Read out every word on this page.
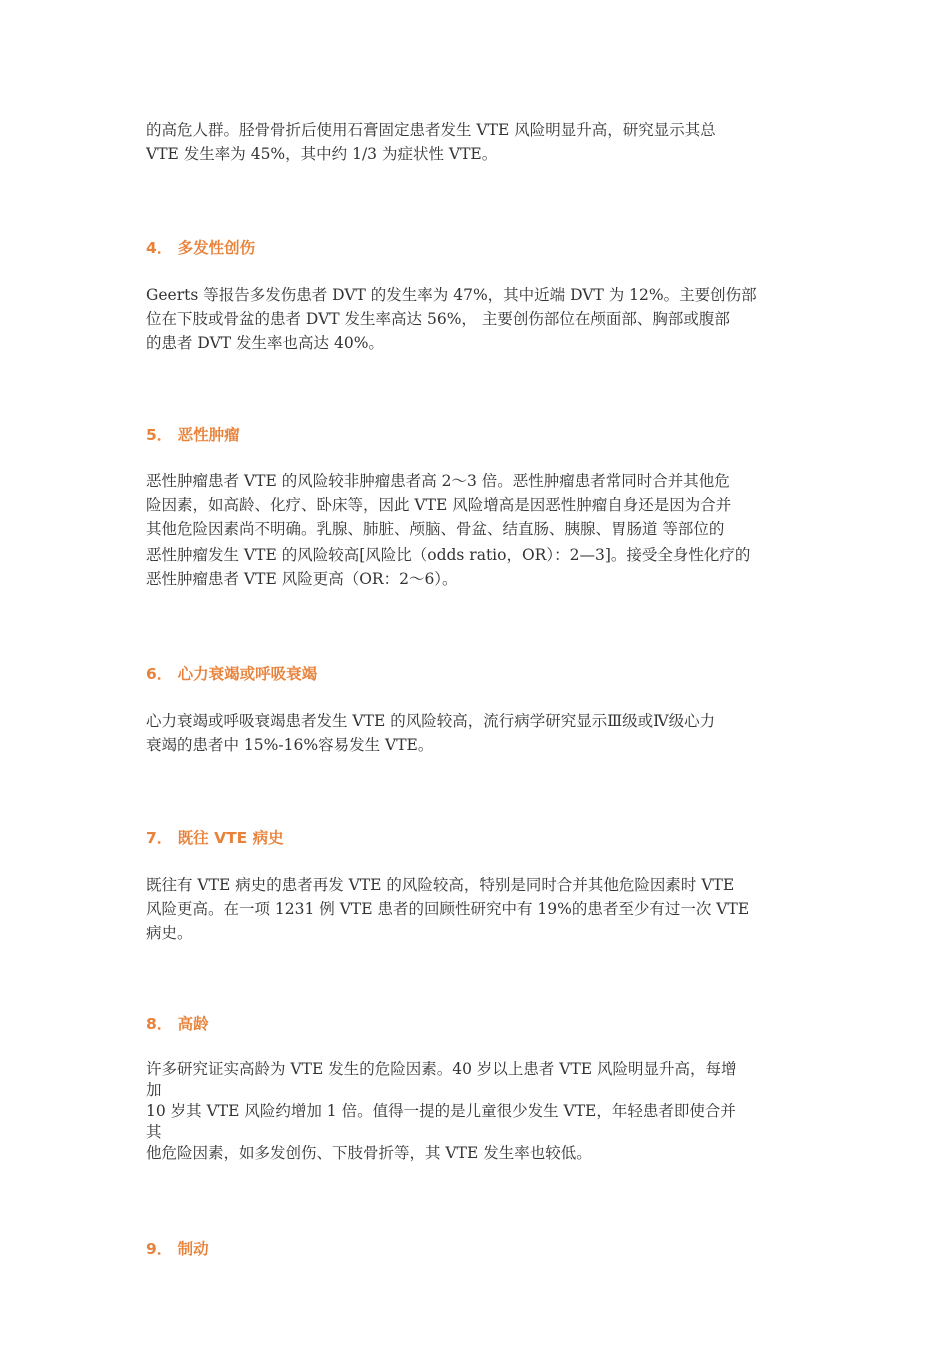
的高危人群。胫骨骨折后使用石膏固定患者发生 VTE 风险明显升高，研究显示其总
VTE 发生率为 45%，其中约 1/3 为症状性 VTE。

4． 多发性创伤

Geerts 等报告多发伤患者 DVT 的发生率为 47%，其中近端 DVT 为 12%。主要创伤部
位在下肢或骨盆的患者 DVT 发生率高达 56%， 主要创伤部位在颅面部、胸部或腹部
的患者 DVT 发生率也高达 40%。

5． 恶性肿瘤

恶性肿瘤患者 VTE 的风险较非肿瘤患者高 2～3 倍。恶性肿瘤患者常同时合并其他危
险因素，如高龄、化疗、卧床等，因此 VTE 风险增高是因恶性肿瘤自身还是因为合并
其他危险因素尚不明确。乳腺、肺脏、颅脑、骨盆、结直肠、胰腺、胃肠道 等部位的
恶性肿瘤发生 VTE 的风险较高[风险比（odds ratio，OR）：2—3]。接受全身性化疗的
恶性肿瘤患者 VTE 风险更高（OR：2～6）。

6． 心力衰竭或呼吸衰竭

心力衰竭或呼吸衰竭患者发生 VTE 的风险较高，流行病学研究显示Ⅲ级或Ⅳ级心力
衰竭的患者中 15%-16%容易发生 VTE。

7． 既往 VTE 病史

既往有 VTE 病史的患者再发 VTE 的风险较高，特别是同时合并其他危险因素时 VTE
风险更高。在一项 1231 例 VTE 患者的回顾性研究中有 19%的患者至少有过一次 VTE
病史。

8． 高龄

许多研究证实高龄为 VTE 发生的危险因素。40 岁以上患者 VTE 风险明显升高，每增
加
10 岁其 VTE 风险约增加 1 倍。值得一提的是儿童很少发生 VTE，年轻患者即使合并
其
他危险因素，如多发创伤、下肢骨折等，其 VTE 发生率也较低。

9． 制动
